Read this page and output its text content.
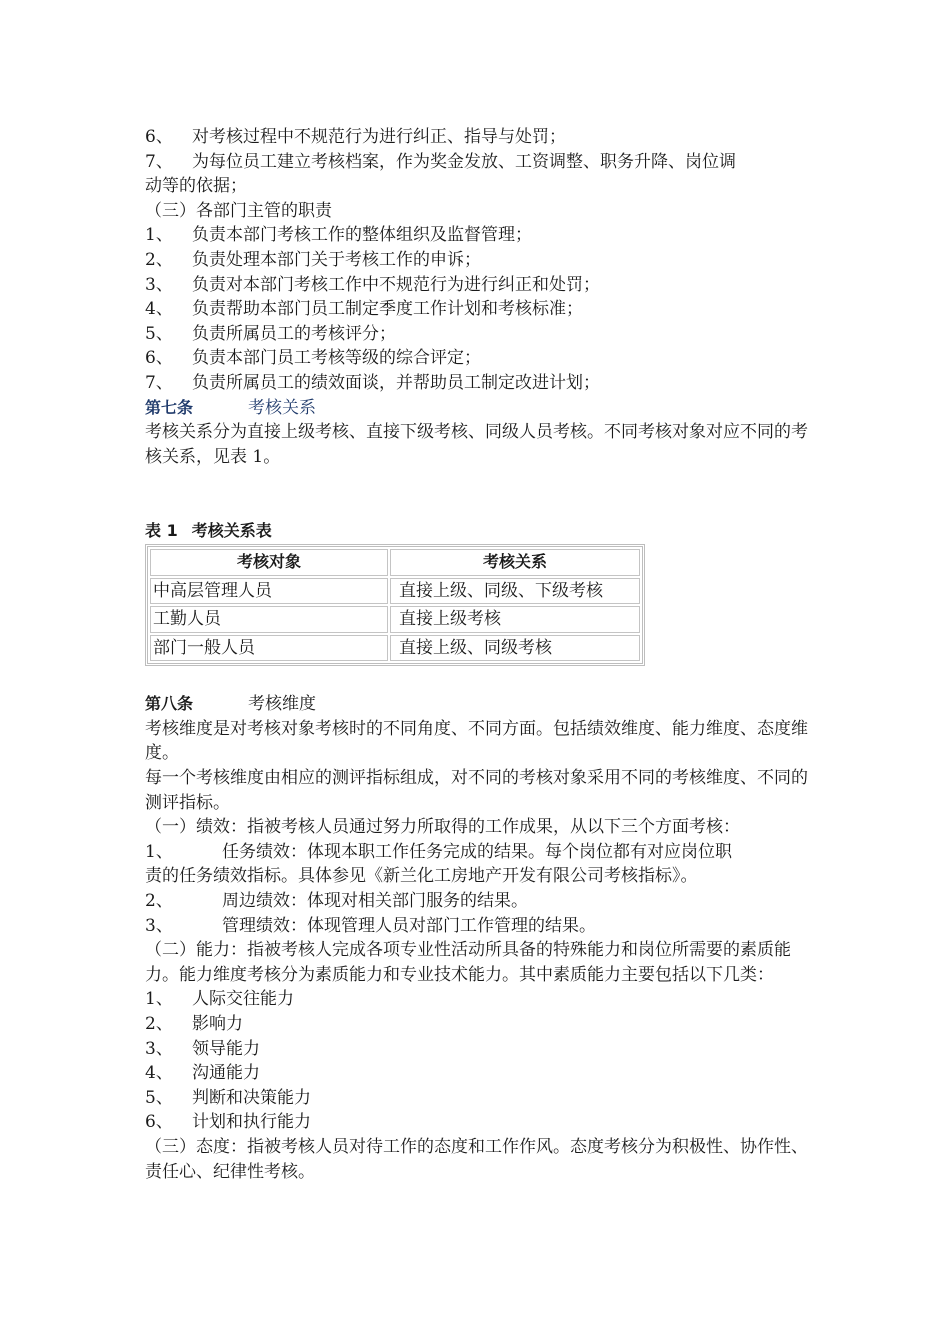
6、	对考核过程中不规范行为进行纠正、指导与处罚；
7、	为每位员工建立考核档案，作为奖金发放、工资调整、职务升降、岗位调
动等的依据；
（三）各部门主管的职责
1、	负责本部门考核工作的整体组织及监督管理；
2、	负责处理本部门关于考核工作的申诉；
3、	负责对本部门考核工作中不规范行为进行纠正和处罚；
4、	负责帮助本部门员工制定季度工作计划和考核标准；
5、	负责所属员工的考核评分；
6、	负责本部门员工考核等级的综合评定；
7、	负责所属员工的绩效面谈，并帮助员工制定改进计划；
第七条	考核关系
考核关系分为直接上级考核、直接下级考核、同级人员考核。不同考核对象对应不同的考核关系，见表 1。
表 1 考核关系表
考核对象	考核关系
中高层管理人员	直接上级、同级、下级考核
工勤人员	直接上级考核
部门一般人员	直接上级、同级考核
第八条	考核维度
考核维度是对考核对象考核时的不同角度、不同方面。包括绩效维度、能力维度、态度维度。
每一个考核维度由相应的测评指标组成，对不同的考核对象采用不同的考核维度、不同的测评指标。
（一）绩效：指被考核人员通过努力所取得的工作成果，从以下三个方面考核：
1、	任务绩效：体现本职工作任务完成的结果。每个岗位都有对应岗位职
责的任务绩效指标。具体参见《新兰化工房地产开发有限公司考核指标》。
2、	周边绩效：体现对相关部门服务的结果。
3、	管理绩效：体现管理人员对部门工作管理的结果。
（二）能力：指被考核人完成各项专业性活动所具备的特殊能力和岗位所需要的素质能力。能力维度考核分为素质能力和专业技术能力。其中素质能力主要包括以下几类：
1、	人际交往能力
2、	影响力
3、	领导能力
4、	沟通能力
5、	判断和决策能力
6、	计划和执行能力
（三）态度：指被考核人员对待工作的态度和工作作风。态度考核分为积极性、协作性、责任心、纪律性考核。
